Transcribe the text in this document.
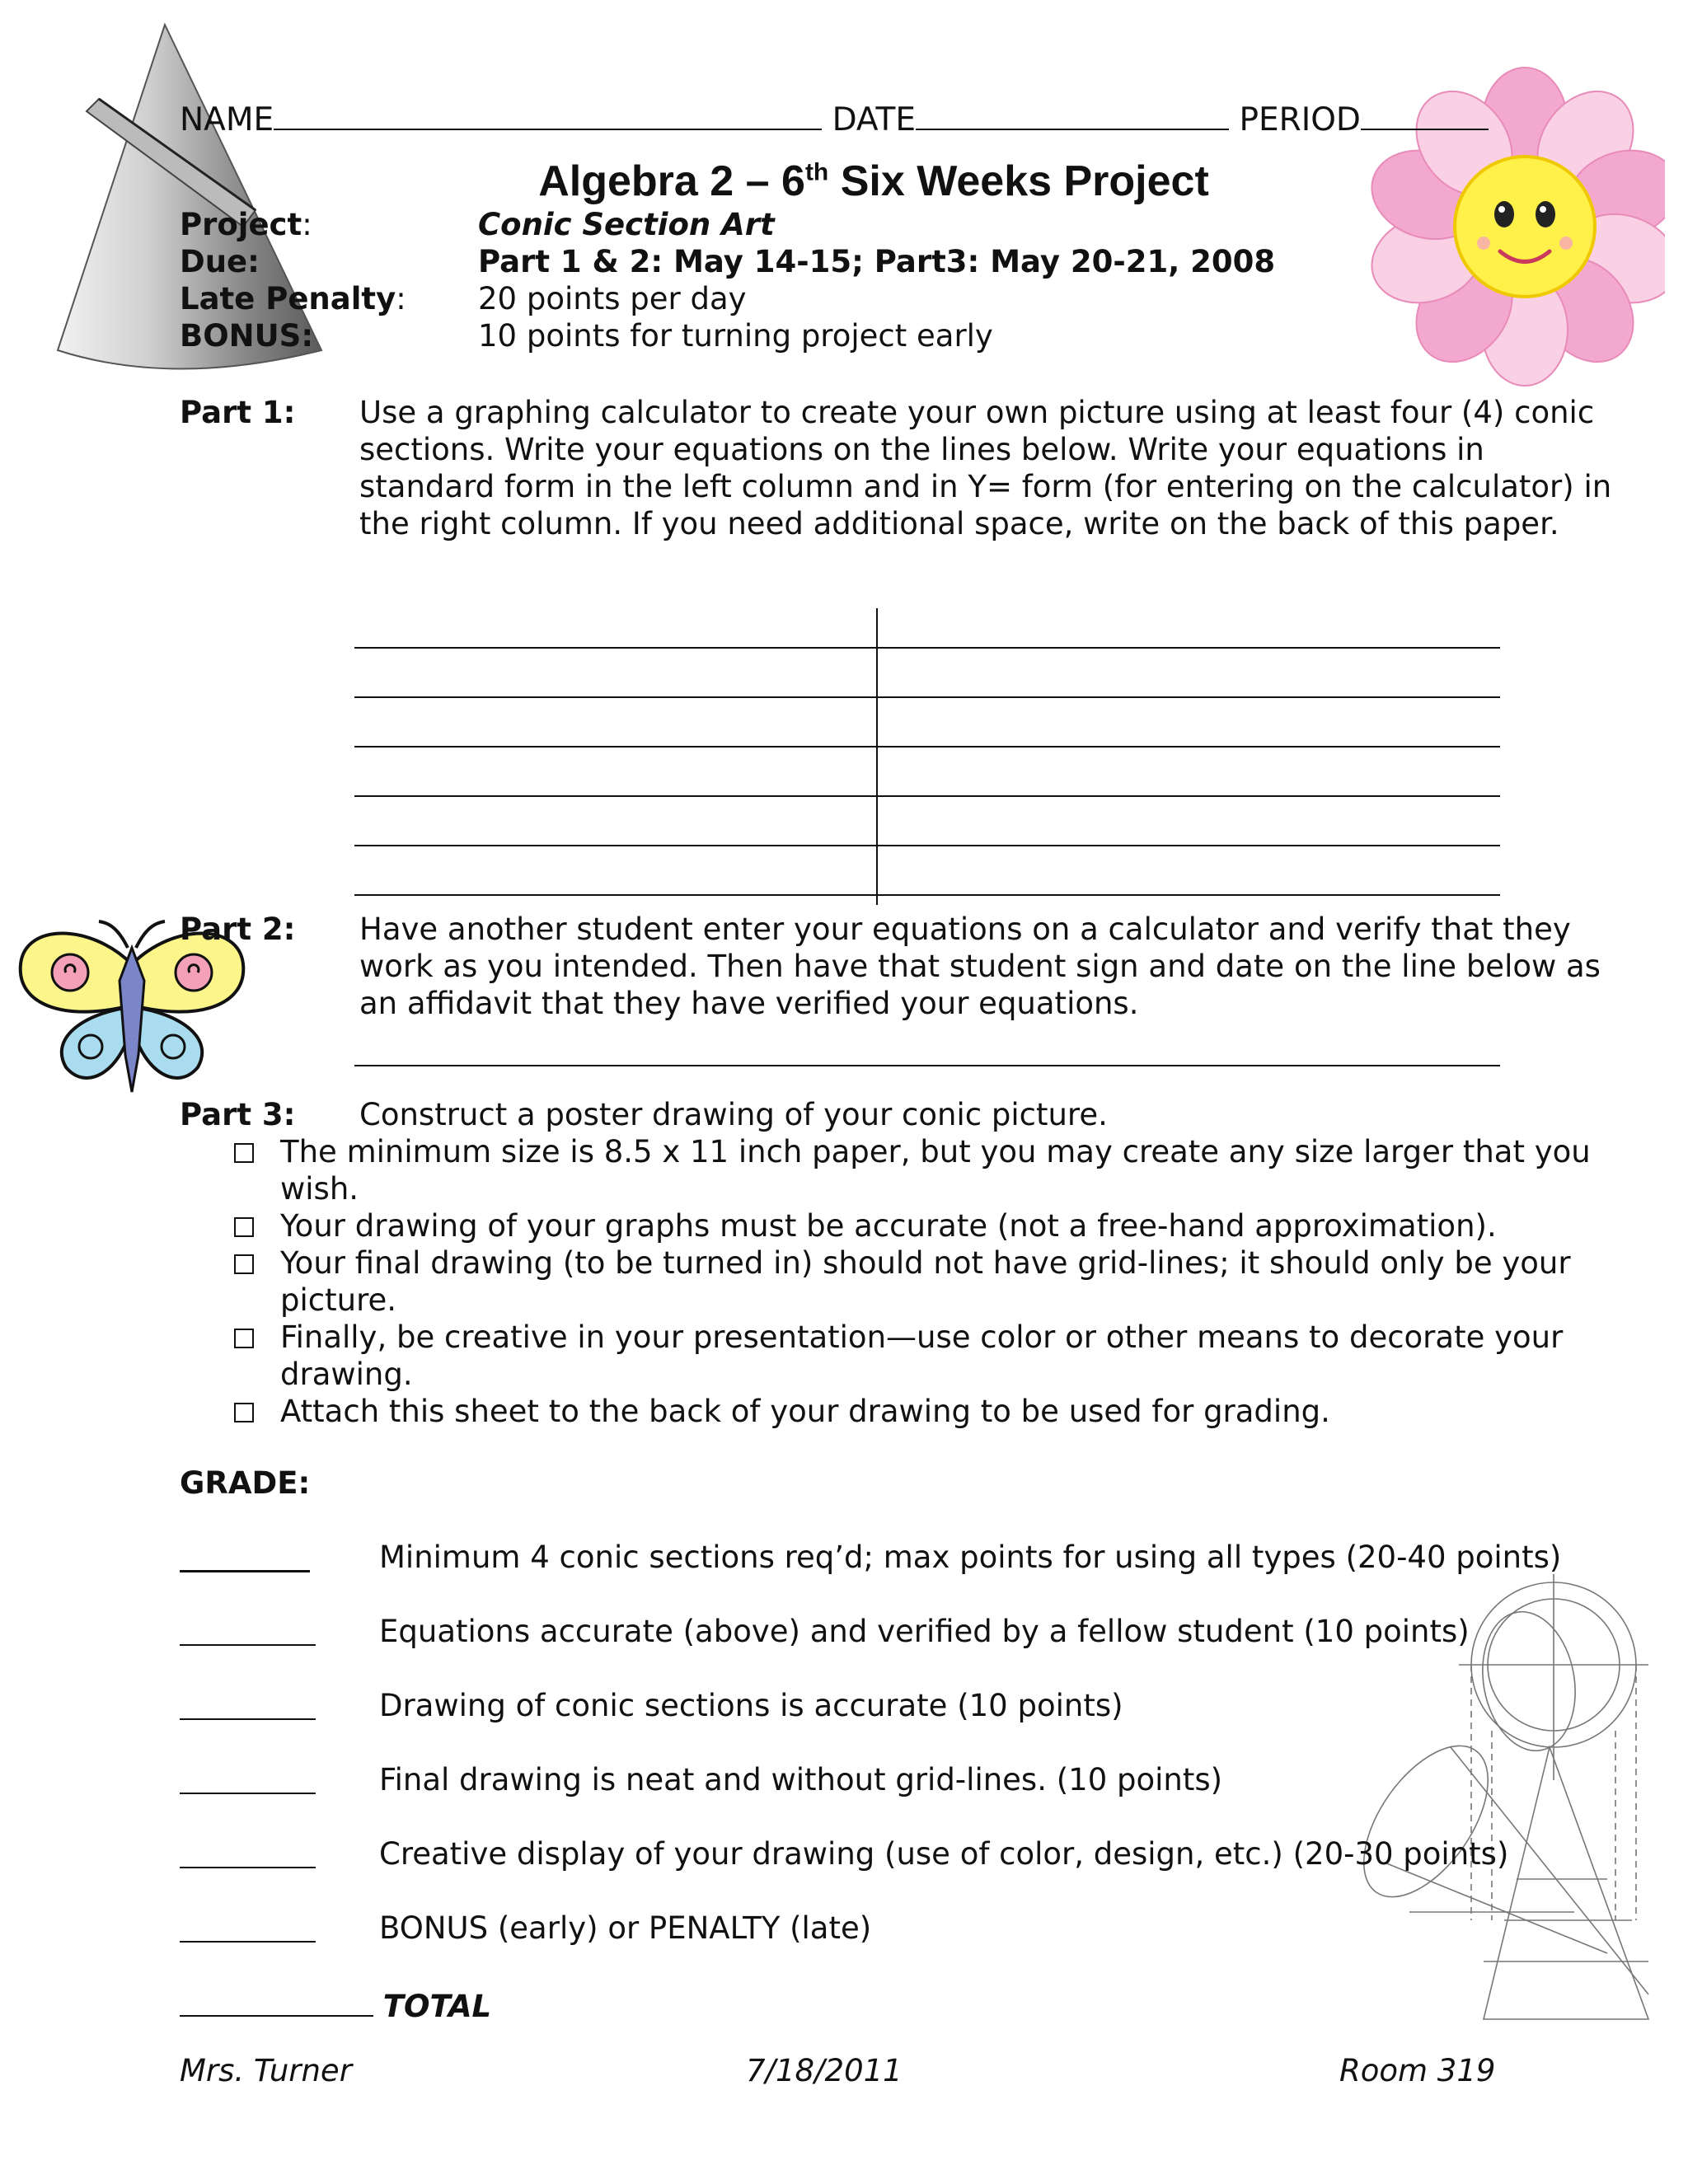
NAME	DATE	PERIOD
Algebra 2 – 6th Six Weeks Project
Project:	Conic Section Art
Due:	Part 1 & 2: May 14-15; Part3: May 20-21, 2008
Late Penalty: 20 points per day
BONUS:	10 points for turning project early
Part 1: Use a graphing calculator to create your own picture using at least four (4) conic sections. Write your equations on the lines below. Write your equations in standard form in the left column and in Y= form (for entering on the calculator) in the right column. If you need additional space, write on the back of this paper.
Part 2: Have another student enter your equations on a calculator and verify that they work as you intended. Then have that student sign and date on the line below as an affidavit that they have verified your equations.
Part 3: Construct a poster drawing of your conic picture.
The minimum size is 8.5 x 11 inch paper, but you may create any size larger that you wish.
Your drawing of your graphs must be accurate (not a free-hand approximation).
Your final drawing (to be turned in) should not have grid-lines; it should only be your picture.
Finally, be creative in your presentation—use color or other means to decorate your drawing.
Attach this sheet to the back of your drawing to be used for grading.
GRADE:
Minimum 4 conic sections req’d; max points for using all types (20-40 points)
Equations accurate (above) and verified by a fellow student (10 points)
Drawing of conic sections is accurate (10 points)
Final drawing is neat and without grid-lines. (10 points)
Creative display of your drawing (use of color, design, etc.) (20-30 points)
BONUS (early) or PENALTY (late)
TOTAL
Mrs. Turner	7/18/2011	Room 319
